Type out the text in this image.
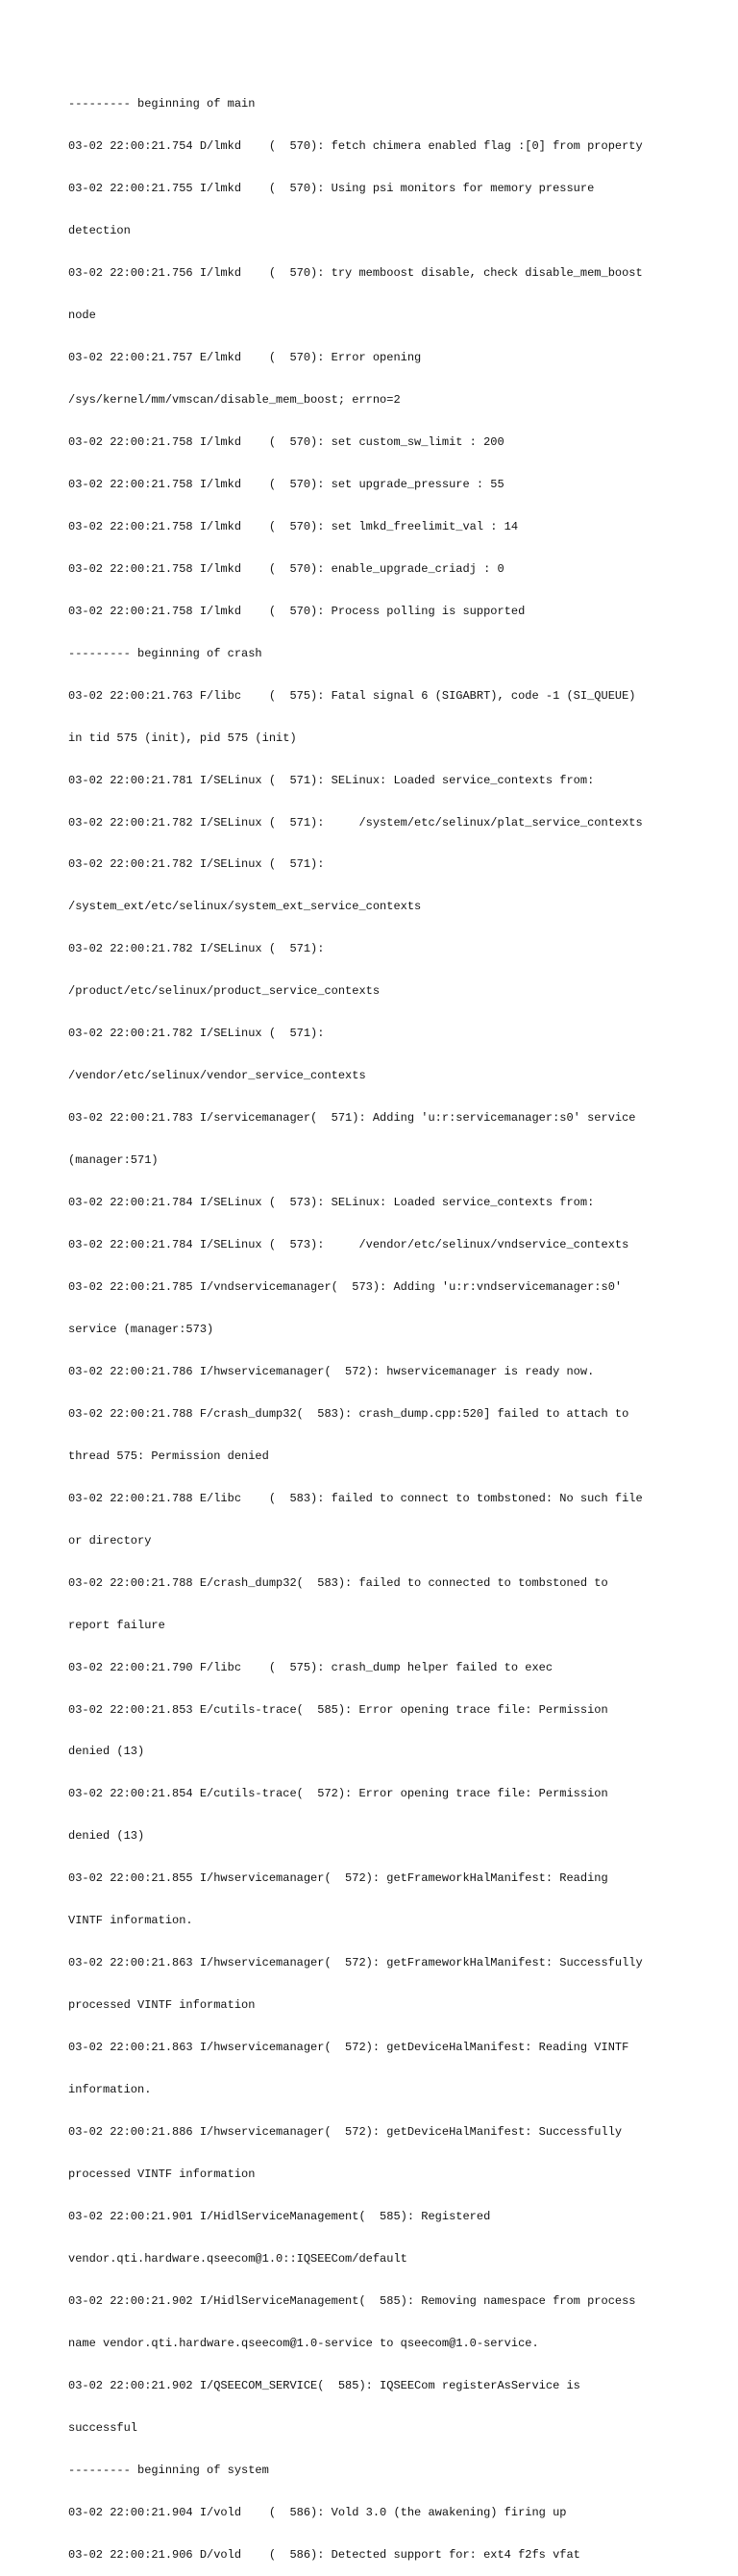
--------- beginning of main

03-02 22:00:21.754 D/lmkd    (  570): fetch chimera enabled flag :[0] from property

03-02 22:00:21.755 I/lmkd    (  570): Using psi monitors for memory pressure

detection

03-02 22:00:21.756 I/lmkd    (  570): try memboost disable, check disable_mem_boost

node

03-02 22:00:21.757 E/lmkd    (  570): Error opening

/sys/kernel/mm/vmscan/disable_mem_boost; errno=2

03-02 22:00:21.758 I/lmkd    (  570): set custom_sw_limit : 200

03-02 22:00:21.758 I/lmkd    (  570): set upgrade_pressure : 55

03-02 22:00:21.758 I/lmkd    (  570): set lmkd_freelimit_val : 14

03-02 22:00:21.758 I/lmkd    (  570): enable_upgrade_criadj : 0

03-02 22:00:21.758 I/lmkd    (  570): Process polling is supported

--------- beginning of crash

03-02 22:00:21.763 F/libc    (  575): Fatal signal 6 (SIGABRT), code -1 (SI_QUEUE)

in tid 575 (init), pid 575 (init)

03-02 22:00:21.781 I/SELinux (  571): SELinux: Loaded service_contexts from:

03-02 22:00:21.782 I/SELinux (  571):     /system/etc/selinux/plat_service_contexts

03-02 22:00:21.782 I/SELinux (  571):

/system_ext/etc/selinux/system_ext_service_contexts

03-02 22:00:21.782 I/SELinux (  571):

/product/etc/selinux/product_service_contexts

03-02 22:00:21.782 I/SELinux (  571):

/vendor/etc/selinux/vendor_service_contexts

03-02 22:00:21.783 I/servicemanager(  571): Adding 'u:r:servicemanager:s0' service

(manager:571)

03-02 22:00:21.784 I/SELinux (  573): SELinux: Loaded service_contexts from:

03-02 22:00:21.784 I/SELinux (  573):     /vendor/etc/selinux/vndservice_contexts

03-02 22:00:21.785 I/vndservicemanager(  573): Adding 'u:r:vndservicemanager:s0'

service (manager:573)

03-02 22:00:21.786 I/hwservicemanager(  572): hwservicemanager is ready now.

03-02 22:00:21.788 F/crash_dump32(  583): crash_dump.cpp:520] failed to attach to

thread 575: Permission denied

03-02 22:00:21.788 E/libc    (  583): failed to connect to tombstoned: No such file

or directory

03-02 22:00:21.788 E/crash_dump32(  583): failed to connected to tombstoned to

report failure

03-02 22:00:21.790 F/libc    (  575): crash_dump helper failed to exec

03-02 22:00:21.853 E/cutils-trace(  585): Error opening trace file: Permission

denied (13)

03-02 22:00:21.854 E/cutils-trace(  572): Error opening trace file: Permission

denied (13)

03-02 22:00:21.855 I/hwservicemanager(  572): getFrameworkHalManifest: Reading

VINTF information.

03-02 22:00:21.863 I/hwservicemanager(  572): getFrameworkHalManifest: Successfully

processed VINTF information

03-02 22:00:21.863 I/hwservicemanager(  572): getDeviceHalManifest: Reading VINTF

information.

03-02 22:00:21.886 I/hwservicemanager(  572): getDeviceHalManifest: Successfully

processed VINTF information

03-02 22:00:21.901 I/HidlServiceManagement(  585): Registered

vendor.qti.hardware.qseecom@1.0::IQSEECom/default

03-02 22:00:21.902 I/HidlServiceManagement(  585): Removing namespace from process

name vendor.qti.hardware.qseecom@1.0-service to qseecom@1.0-service.

03-02 22:00:21.902 I/QSEECOM_SERVICE(  585): IQSEECom registerAsService is

successful

--------- beginning of system

03-02 22:00:21.904 I/vold    (  586): Vold 3.0 (the awakening) firing up

03-02 22:00:21.906 D/vold    (  586): Detected support for: ext4 f2fs vfat
